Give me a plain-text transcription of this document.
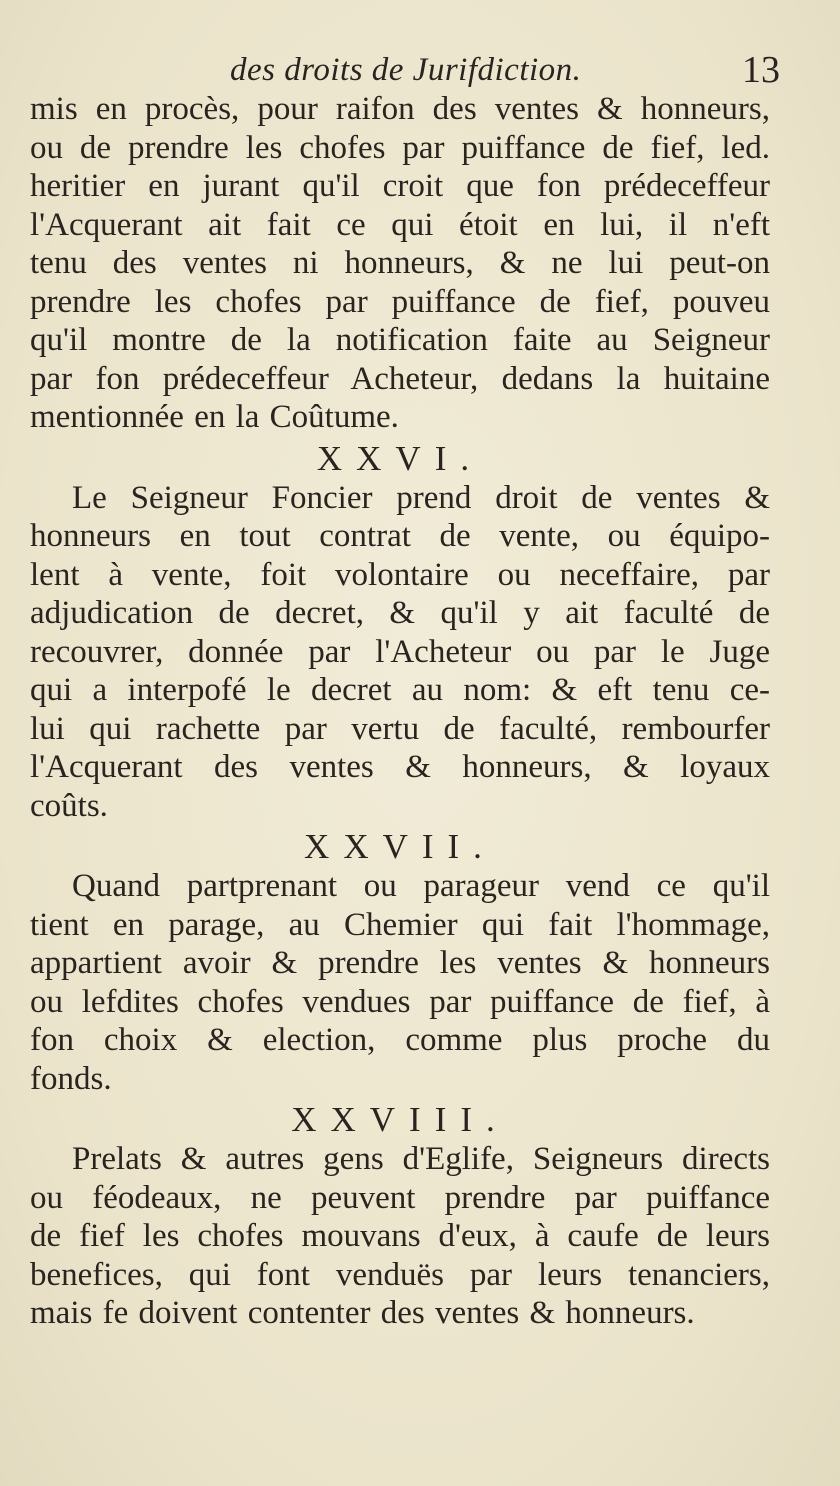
des droits de Jurifdiction.	13
mis en procès, pour raifon des ventes & honneurs,
ou de prendre les chofes par puiffance de fief, led.
heritier en jurant qu'il croit que fon prédeceffeur
l'Acquerant ait fait ce qui étoit en lui, il n'eft
tenu des ventes ni honneurs, & ne lui peut-on
prendre les chofes par puiffance de fief, pouveu
qu'il montre de la notification faite au Seigneur
par fon prédeceffeur Acheteur, dedans la huitaine
mentionnée en la Coûtume.
XXVI.
Le Seigneur Foncier prend droit de ventes &
honneurs en tout contrat de vente, ou équipo-
lent à vente, foit volontaire ou neceffaire, par
adjudication de decret, & qu'il y ait faculté de
recouvrer, donnée par l'Acheteur ou par le Juge
qui a interpofé le decret au nom: & eft tenu ce-
lui qui rachette par vertu de faculté, rembourfer
l'Acquerant des ventes & honneurs, & loyaux
coûts.
XXVII.
Quand partprenant ou parageur vend ce qu'il
tient en parage, au Chemier qui fait l'hommage,
appartient avoir & prendre les ventes & honneurs
ou lefdites chofes vendues par puiffance de fief, à
fon choix & election, comme plus proche du
fonds.
XXVIII.
Prelats & autres gens d'Eglife, Seigneurs directs
ou féodeaux, ne peuvent prendre par puiffance
de fief les chofes mouvans d'eux, à caufe de leurs
benefices, qui font venduës par leurs tenanciers,
mais fe doivent contenter des ventes & honneurs.
